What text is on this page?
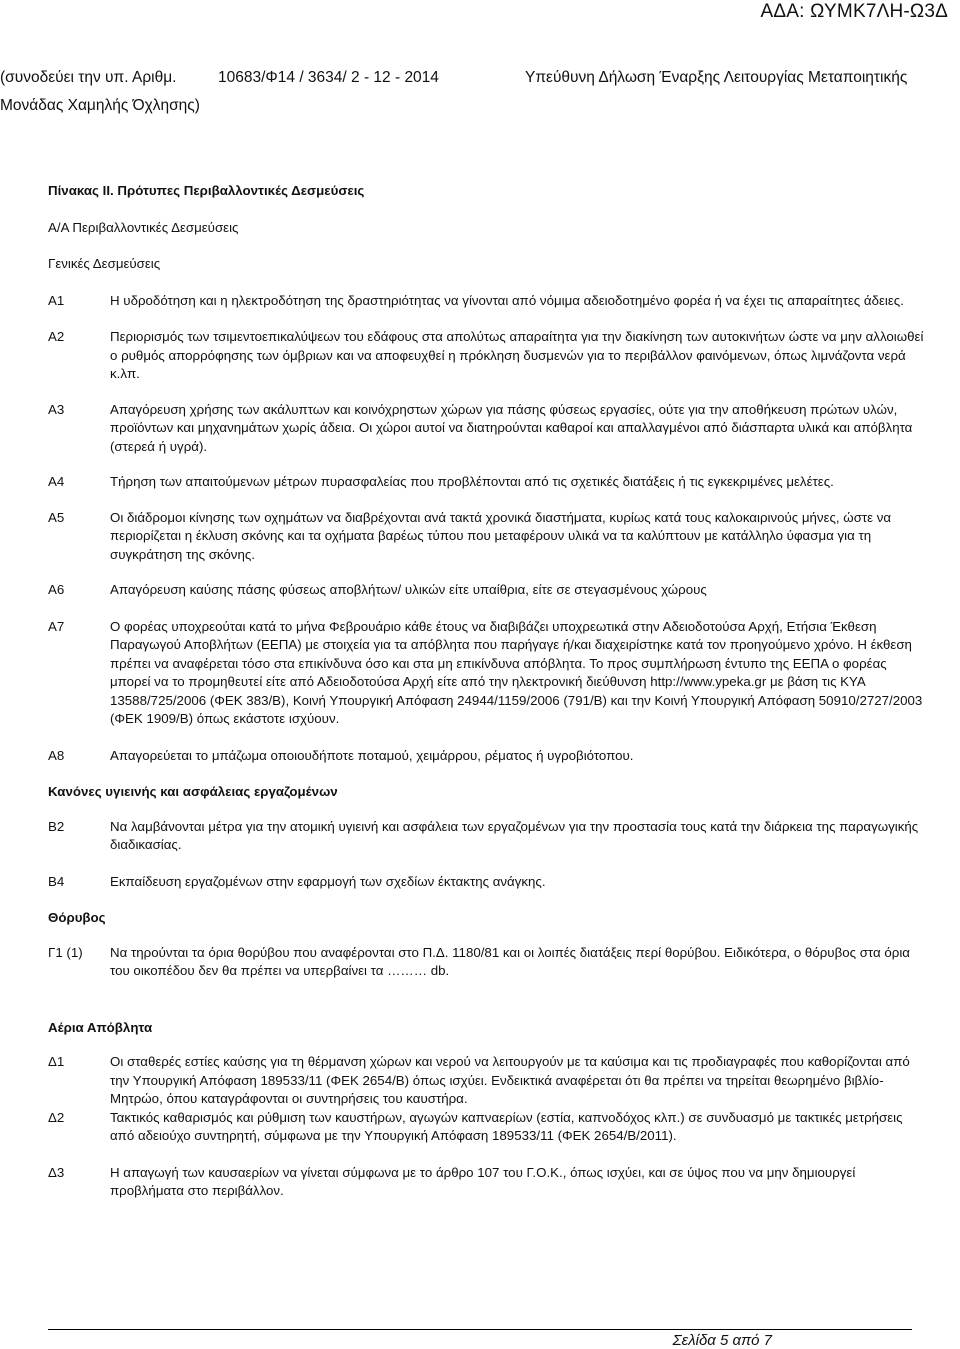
ΑΔΑ: ΩΥΜΚ7ΛΗ-Ω3Δ
(συνοδεύει την υπ. Αριθμ.	10683/Φ14 / 3634/ 2 - 12 - 2014	Υπεύθυνη Δήλωση Έναρξης Λειτουργίας Μεταποιητικής
Μονάδας Χαμηλής Όχλησης)
Πίνακας ΙΙ. Πρότυπες Περιβαλλοντικές Δεσμεύσεις
Α/Α Περιβαλλοντικές Δεσμεύσεις
Γενικές Δεσμεύσεις
Α1	Η υδροδότηση και η ηλεκτροδότηση της δραστηριότητας να γίνονται από νόμιμα αδειοδοτημένο φορέα ή να έχει τις απαραίτητες άδειες.
Α2	Περιορισμός των τσιμεντοεπικαλύψεων του εδάφους στα απολύτως απαραίτητα για την διακίνηση των αυτοκινήτων ώστε να μην αλλοιωθεί ο ρυθμός απορρόφησης των όμβριων και να αποφευχθεί η πρόκληση δυσμενών για το περιβάλλον φαινόμενων, όπως λιμνάζοντα νερά κ.λπ.
Α3	Απαγόρευση χρήσης των ακάλυπτων και κοινόχρηστων χώρων για πάσης φύσεως εργασίες, ούτε για την αποθήκευση πρώτων υλών, προϊόντων και μηχανημάτων χωρίς άδεια. Οι χώροι αυτοί να διατηρούνται καθαροί και απαλλαγμένοι από διάσπαρτα υλικά και απόβλητα (στερεά ή υγρά).
Α4	Τήρηση των απαιτούμενων μέτρων πυρασφαλείας που προβλέπονται από τις σχετικές διατάξεις ή τις εγκεκριμένες μελέτες.
Α5	Οι διάδρομοι κίνησης των οχημάτων να διαβρέχονται ανά τακτά χρονικά διαστήματα, κυρίως κατά τους καλοκαιρινούς μήνες, ώστε να περιορίζεται η έκλυση σκόνης και τα οχήματα βαρέως τύπου που μεταφέρουν υλικά να τα καλύπτουν με κατάλληλο ύφασμα για τη συγκράτηση της σκόνης.
Α6	Απαγόρευση καύσης πάσης φύσεως αποβλήτων/ υλικών είτε υπαίθρια, είτε σε στεγασμένους χώρους
Α7	Ο φορέας υποχρεούται κατά το μήνα Φεβρουάριο κάθε έτους να διαβιβάζει υποχρεωτικά στην Αδειοδοτούσα Αρχή, Ετήσια Έκθεση Παραγωγού Αποβλήτων (ΕΕΠΑ) με στοιχεία για τα απόβλητα που παρήγαγε ή/και διαχειρίστηκε κατά τον προηγούμενο χρόνο. Η έκθεση πρέπει να αναφέρεται τόσο στα επικίνδυνα όσο και στα μη επικίνδυνα απόβλητα. Το προς συμπλήρωση έντυπο της ΕΕΠΑ ο φορέας μπορεί να το προμηθευτεί είτε από Αδειοδοτούσα Αρχή είτε από την ηλεκτρονική διεύθυνση http://www.ypeka.gr με βάση τις ΚΥΑ 13588/725/2006 (ΦΕΚ 383/Β), Κοινή Υπουργική Απόφαση 24944/1159/2006 (791/Β) και την Κοινή Υπουργική Απόφαση 50910/2727/2003 (ΦΕΚ 1909/Β) όπως εκάστοτε ισχύουν.
Α8	Απαγορεύεται το μπάζωμα οποιουδήποτε ποταμού, χειμάρρου, ρέματος ή υγροβιότοπου.
Κανόνες υγιεινής και ασφάλειας εργαζομένων
Β2	Να λαμβάνονται μέτρα για την ατομική υγιεινή και ασφάλεια των εργαζομένων για την προστασία τους κατά την διάρκεια της παραγωγικής διαδικασίας.
Β4	Εκπαίδευση εργαζομένων στην εφαρμογή των σχεδίων έκτακτης ανάγκης.
Θόρυβος
Γ1 (1)	Να τηρούνται τα όρια θορύβου που αναφέρονται στο Π.Δ. 1180/81 και οι λοιπές διατάξεις περί θορύβου. Ειδικότερα, ο θόρυβος στα όρια του οικοπέδου δεν θα πρέπει να υπερβαίνει τα ……… db.
Αέρια Απόβλητα
Δ1	Οι σταθερές εστίες καύσης για τη θέρμανση χώρων και νερού να λειτουργούν με τα καύσιμα και τις προδιαγραφές που καθορίζονται από την Υπουργική Απόφαση 189533/11 (ΦΕΚ 2654/Β) όπως ισχύει. Ενδεικτικά αναφέρεται ότι θα πρέπει να τηρείται θεωρημένο βιβλίο-Μητρώο, όπου καταγράφονται οι συντηρήσεις του καυστήρα.
Δ2	Τακτικός καθαρισμός και ρύθμιση των καυστήρων, αγωγών καπναερίων (εστία, καπνοδόχος κλπ.) σε συνδυασμό με τακτικές μετρήσεις από αδειούχο συντηρητή, σύμφωνα με την Υπουργική Απόφαση 189533/11 (ΦΕΚ 2654/Β/2011).
Δ3	Η απαγωγή των καυσαερίων να γίνεται σύμφωνα με το άρθρο 107 του Γ.Ο.Κ., όπως ισχύει, και σε ύψος που να μην δημιουργεί προβλήματα στο περιβάλλον.
Σελίδα 5 από 7
